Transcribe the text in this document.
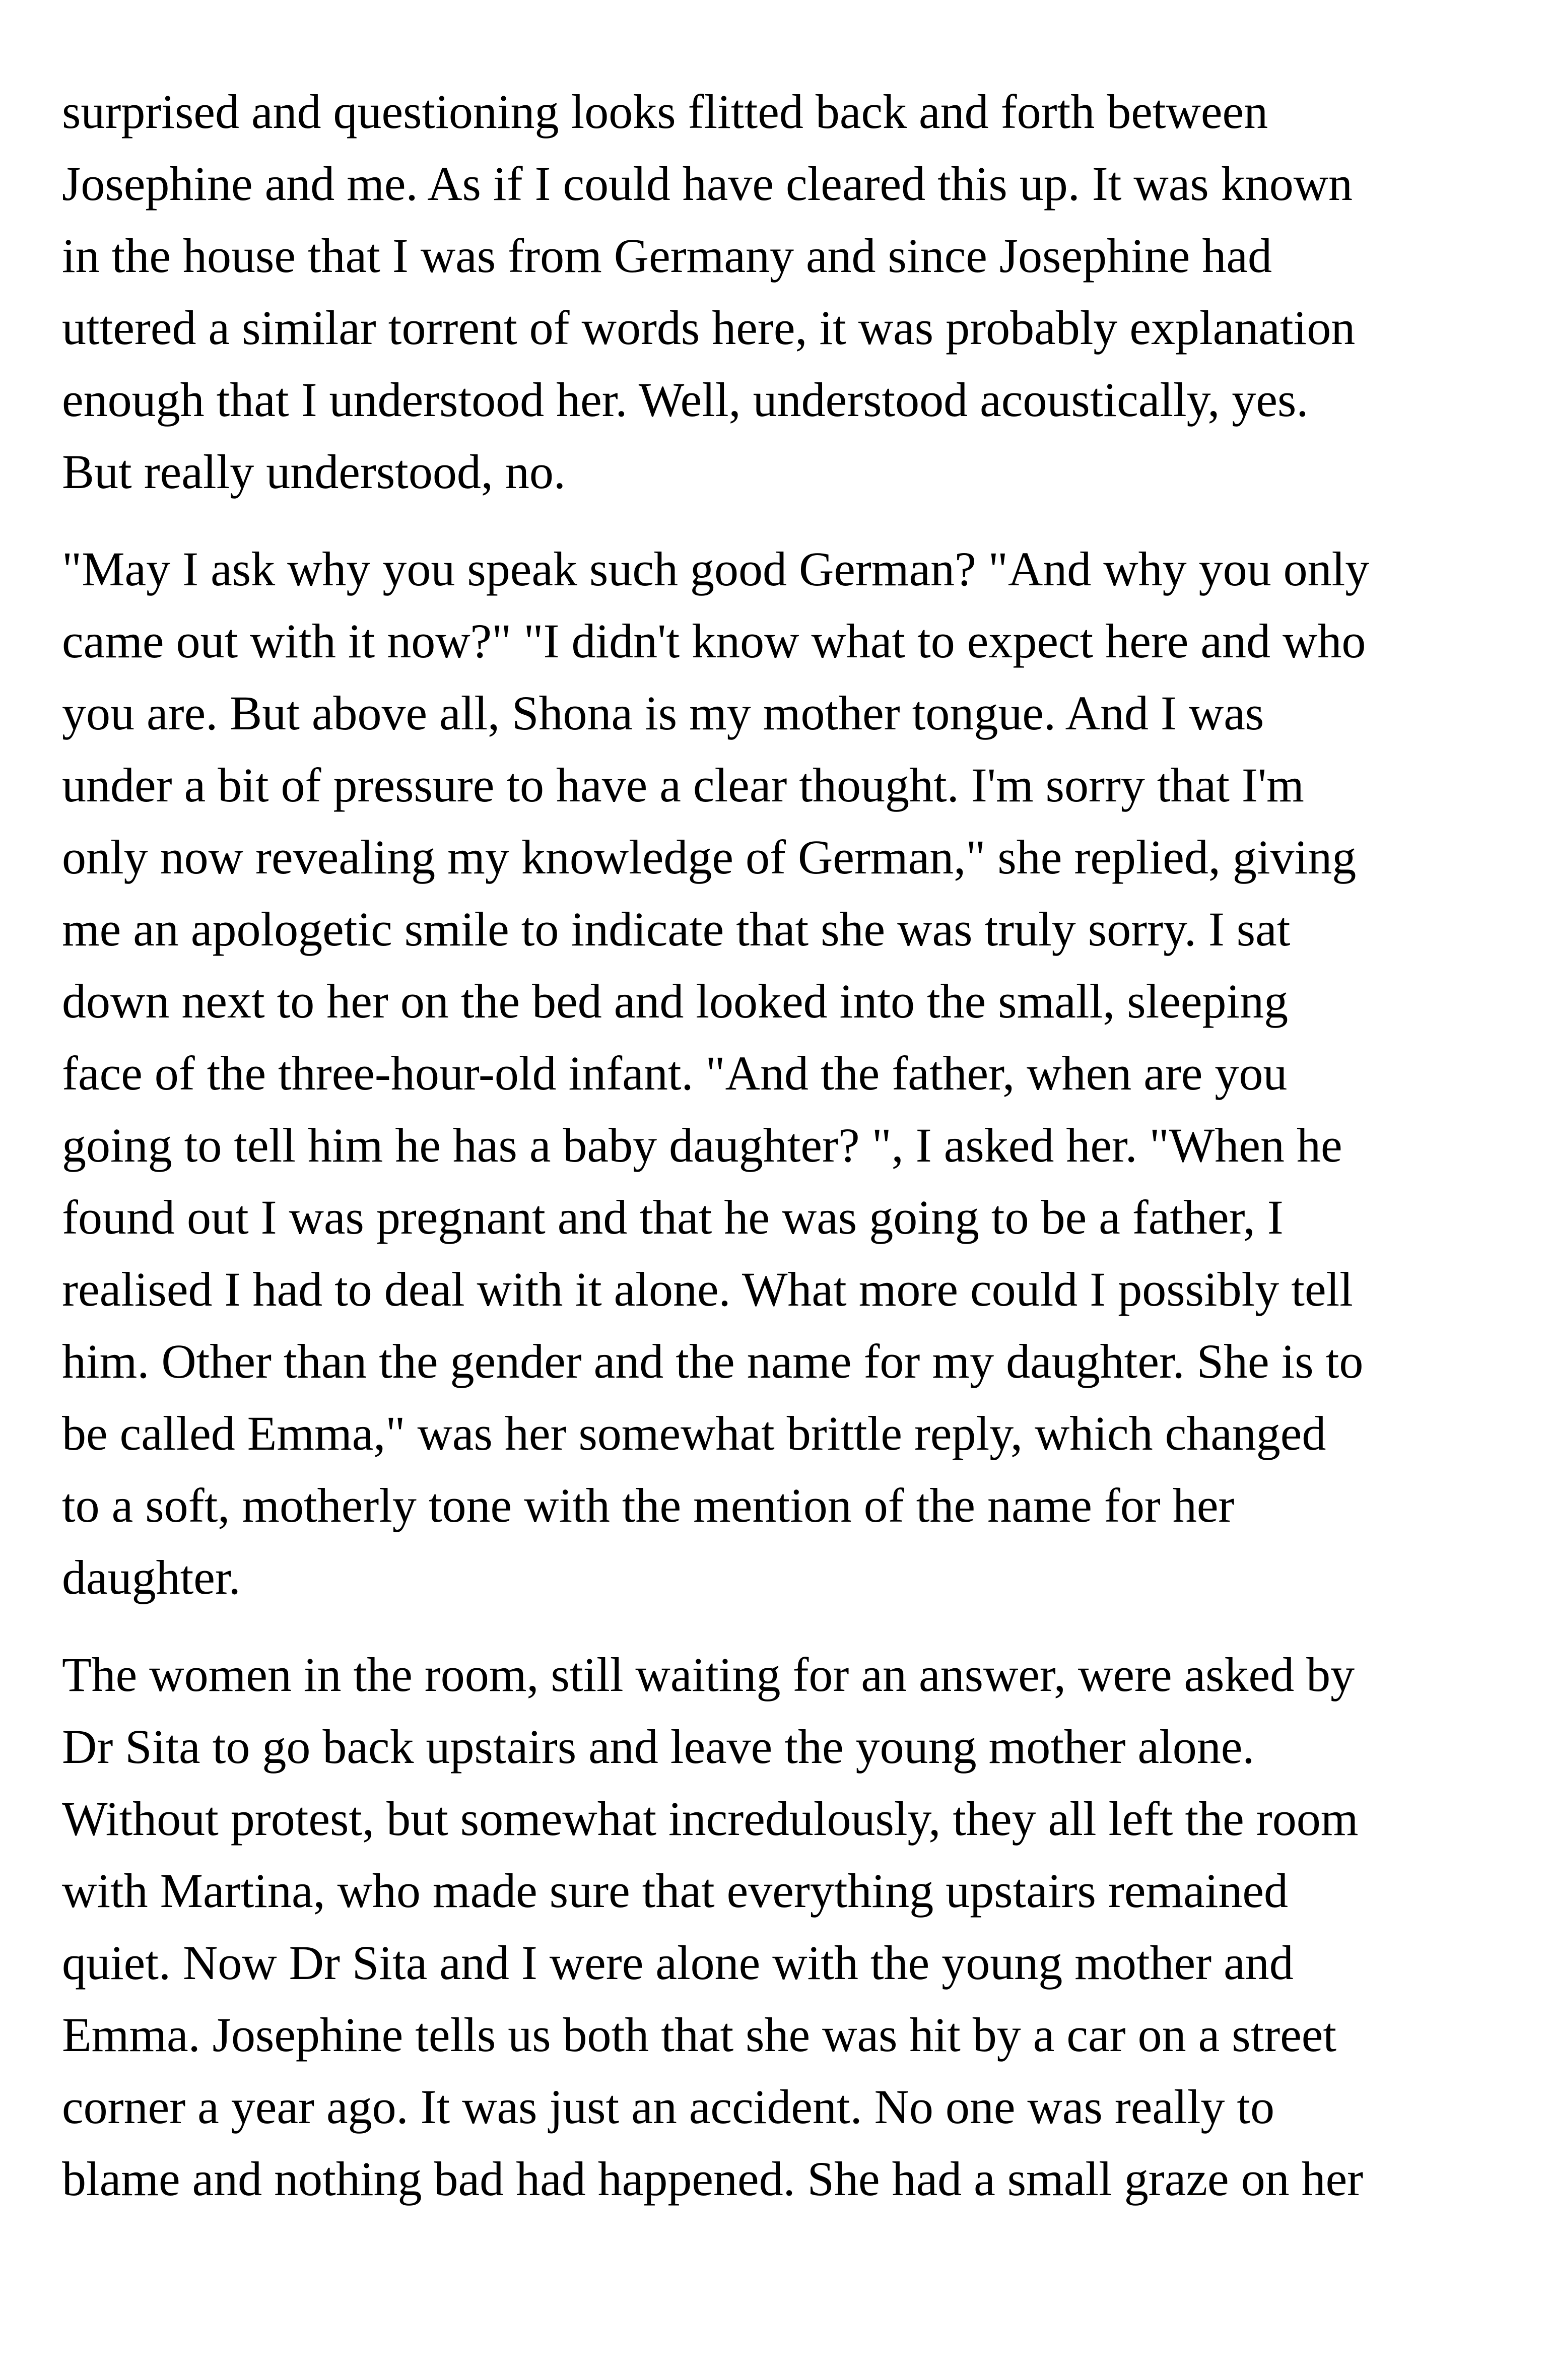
surprised and questioning looks flitted back and forth between
Josephine and me. As if I could have cleared this up. It was known
in the house that I was from Germany and since Josephine had
uttered a similar torrent of words here, it was probably explanation
enough that I understood her. Well, understood acoustically, yes.
But really understood, no.
"May I ask why you speak such good German? "And why you only
came out with it now?" "I didn't know what to expect here and who
you are. But above all, Shona is my mother tongue. And I was
under a bit of pressure to have a clear thought. I'm sorry that I'm
only now revealing my knowledge of German," she replied, giving
me an apologetic smile to indicate that she was truly sorry. I sat
down next to her on the bed and looked into the small, sleeping
face of the three-hour-old infant. "And the father, when are you
going to tell him he has a baby daughter? ", I asked her. "When he
found out I was pregnant and that he was going to be a father, I
realised I had to deal with it alone. What more could I possibly tell
him. Other than the gender and the name for my daughter. She is to
be called Emma," was her somewhat brittle reply, which changed
to a soft, motherly tone with the mention of the name for her
daughter.
The women in the room, still waiting for an answer, were asked by
Dr Sita to go back upstairs and leave the young mother alone.
Without protest, but somewhat incredulously, they all left the room
with Martina, who made sure that everything upstairs remained
quiet. Now Dr Sita and I were alone with the young mother and
Emma. Josephine tells us both that she was hit by a car on a street
corner a year ago. It was just an accident. No one was really to
blame and nothing bad had happened. She had a small graze on her
